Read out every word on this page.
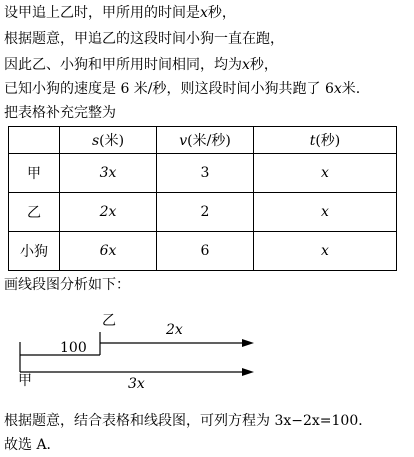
设甲追上乙时，甲所用的时间是x秒，
根据题意，甲追乙的这段时间小狗一直在跑，
因此乙、小狗和甲所用时间相同，均为x秒，
已知小狗的速度是 6 米/秒，则这段时间小狗共跑了 6x米.
把表格补充完整为
	s(米)	v(米/秒)	t(秒)
甲	3x	3	x
乙	2x	2	x
小狗	6x	6	x
画线段图分析如下：
乙
2x
100
甲	3x
根据题意，结合表格和线段图，可列方程为 3x−2x=100．
故选 A．
